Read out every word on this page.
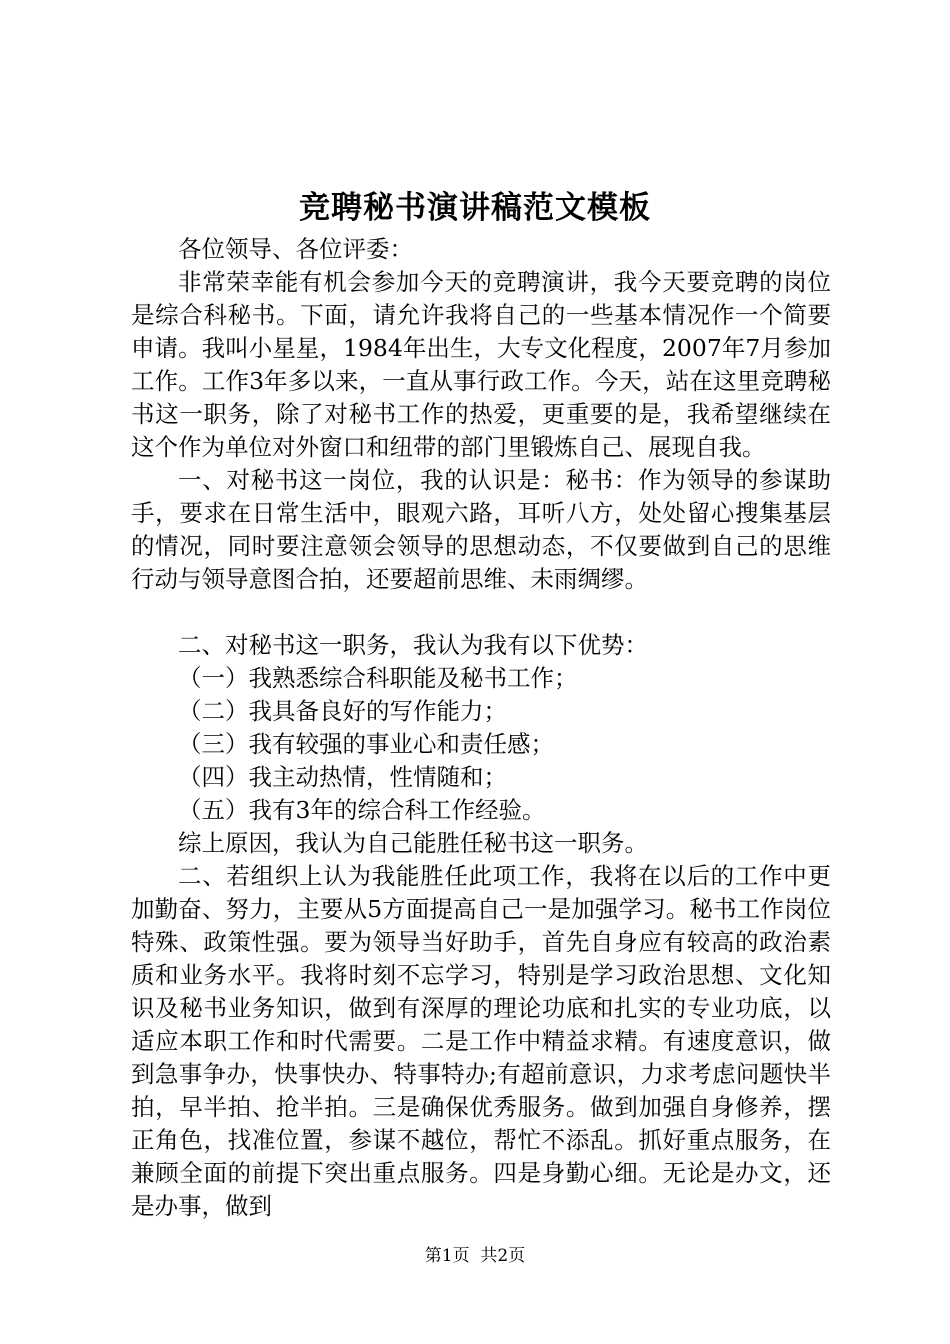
竞聘秘书演讲稿范文模板

各位领导、各位评委：

非常荣幸能有机会参加今天的竞聘演讲，我今天要竞聘的岗位是综合科秘书。下面，请允许我将自己的一些基本情况作一个简要申请。我叫小星星，1984年出生，大专文化程度，2007年7月参加工作。工作3年多以来，一直从事行政工作。今天，站在这里竞聘秘书这一职务，除了对秘书工作的热爱，更重要的是，我希望继续在这个作为单位对外窗口和纽带的部门里锻炼自己、展现自我。

一、对秘书这一岗位，我的认识是：秘书：作为领导的参谋助手，要求在日常生活中，眼观六路，耳听八方，处处留心搜集基层的情况，同时要注意领会领导的思想动态，不仅要做到自己的思维行动与领导意图合拍，还要超前思维、未雨绸缪。

二、对秘书这一职务，我认为我有以下优势：

（一）我熟悉综合科职能及秘书工作；

（二）我具备良好的写作能力；

（三）我有较强的事业心和责任感；

（四）我主动热情，性情随和；

（五）我有3年的综合科工作经验。

综上原因，我认为自己能胜任秘书这一职务。

二、若组织上认为我能胜任此项工作，我将在以后的工作中更加勤奋、努力，主要从5方面提高自己一是加强学习。秘书工作岗位特殊、政策性强。要为领导当好助手，首先自身应有较高的政治素质和业务水平。我将时刻不忘学习，特别是学习政治思想、文化知识及秘书业务知识，做到有深厚的理论功底和扎实的专业功底，以适应本职工作和时代需要。二是工作中精益求精。有速度意识，做到急事争办，快事快办、特事特办;有超前意识，力求考虑问题快半拍，早半拍、抢半拍。三是确保优秀服务。做到加强自身修养，摆正角色，找准位置，参谋不越位，帮忙不添乱。抓好重点服务，在兼顾全面的前提下突出重点服务。四是身勤心细。无论是办文，还是办事，做到

第1页  共2页
